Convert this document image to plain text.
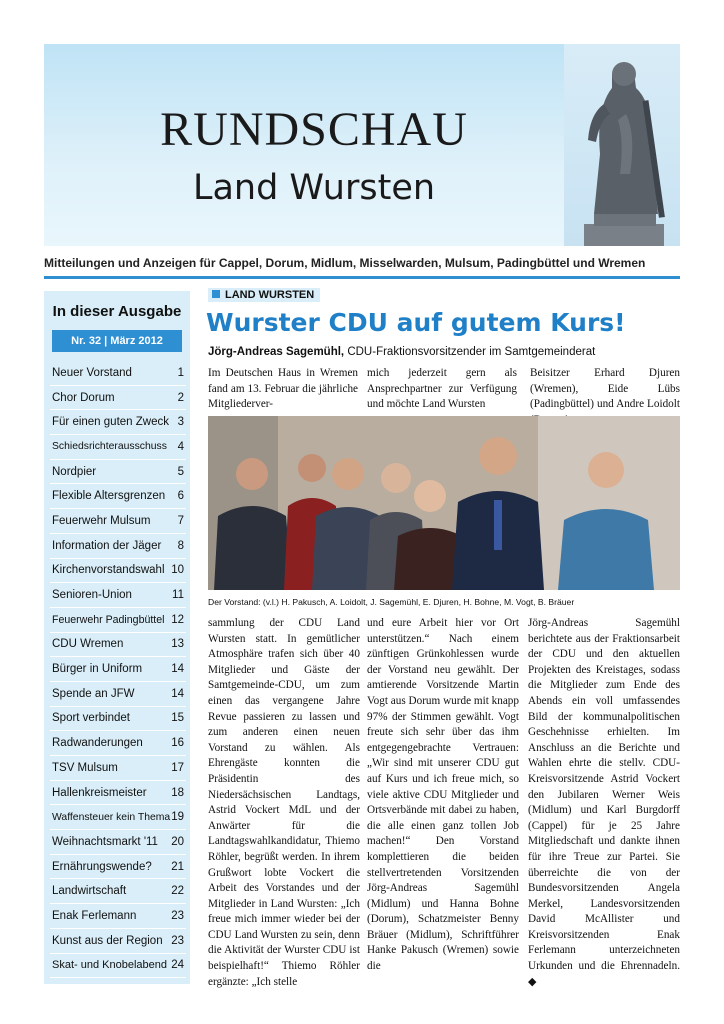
RUNDSCHAU
Land Wursten
Mitteilungen und Anzeigen für Cappel, Dorum, Midlum, Misselwarden, Mulsum, Padingbüttel und Wremen
In dieser Ausgabe
Nr. 32 | März 2012
Neuer Vorstand	1
Chor Dorum	2
Für einen guten Zweck 3
Schiedsrichterausschuss 4
Nordpier	5
Flexible Altersgrenzen 6
Feuerwehr Mulsum 7
Information der Jäger 8
Kirchenvorstandswahl 10
Senioren-Union	11
Feuerwehr Padingbüttel 12
CDU Wremen	13
Bürger in Uniform	14
Spende an JFW	14
Sport verbindet	15
Radwanderungen 16
TSV Mulsum	17
Hallenkreismeister 18
Waffensteuer kein Thema 19
Weihnachtsmarkt '11 20
Ernährungswende? 21
Landwirtschaft	22
Enak Ferlemann	23
Kunst aus der Region 23
Skat- und Knobelabend 24
LAND WURSTEN
Wurster CDU auf gutem Kurs!
Jörg-Andreas Sagemühl, CDU-Fraktionsvorsitzender im Samtgemeinderat

Im Deutschen Haus in Wremen fand am 13. Februar die jährliche Mitgliederver-

mich jederzeit gern als Ansprechpartner zur Verfügung und möchte Land Wursten

Beisitzer Erhard Djuren (Wremen), Eide Lübs (Padingbüttel) und Andre Loidolt

Der Vorstand: (v.l.) H. Pakusch, A. Loidolt, J. Sagemühl, E. Djuren, H. Bohne, M. Vogt, B. Bräuer

sammlung der CDU Land Wursten statt. In gemütlicher Atmosphäre trafen sich über 40 Mitglieder und Gäste der Samtgemeinde-CDU, um zum einen das vergangene Jahre Revue passieren zu lassen und zum anderen einen neuen Vorstand zu wählen. Als Ehrengäste konnten die Präsidentin des Niedersächsischen Landtags, Astrid Vockert MdL und der Anwärter für die Landtagswahlkandidatur, Thiemo Röhler, begrüßt werden. In ihrem Grußwort lobte Vockert die Arbeit des Vorstandes und der Mitglieder in Land Wursten: „Ich freue mich immer wieder bei der CDU Land Wursten zu sein, denn die Aktivität der Wurster CDU ist beispielhaft!“ Thiemo Röhler ergänzte: „Ich stelle

und eure Arbeit hier vor Ort unterstützen.“ Nach einem zünftigen Grünkohlessen wurde der Vorstand neu gewählt. Der amtierende Vorsitzende Martin Vogt aus Dorum wurde mit knapp 97% der Stimmen gewählt. Vogt freute sich sehr über das ihm entgegengebrachte Vertrauen: „Wir sind mit unserer CDU gut auf Kurs und ich freue mich, so viele aktive CDU Mitglieder und Ortsverbände mit dabei zu haben, die alle einen ganz tollen Job machen!“ Den Vorstand komplettieren die beiden stellvertretenden Vorsitzenden Jörg-Andreas Sagemühl (Midlum) und Hanna Bohne (Dorum), Schatzmeister Benny Bräuer (Midlum), Schriftführer Hanke Pakusch (Wremen) sowie die

Jörg-Andreas Sagemühl berichtete aus der Fraktionsarbeit der CDU und den aktuellen Projekten des Kreistages, sodass die Mitglieder zum Ende des Abends ein voll umfassendes Bild der kommunalpolitischen Geschehnisse erhielten. Im Anschluss an die Berichte und Wahlen ehrte die stellv. CDU-Kreisvorsitzende Astrid Vockert den Jubilaren Werner Weis (Midlum) und Karl Burgdorff (Cappel) für je 25 Jahre Mitgliedschaft und dankte ihnen für ihre Treue zur Partei. Sie überreichte die von der Bundesvorsitzenden Angela Merkel, Landesvorsitzenden David McAllister und Kreisvorsitzenden Enak Ferlemann unterzeichneten Urkunden und die Ehrennadeln. ◆
